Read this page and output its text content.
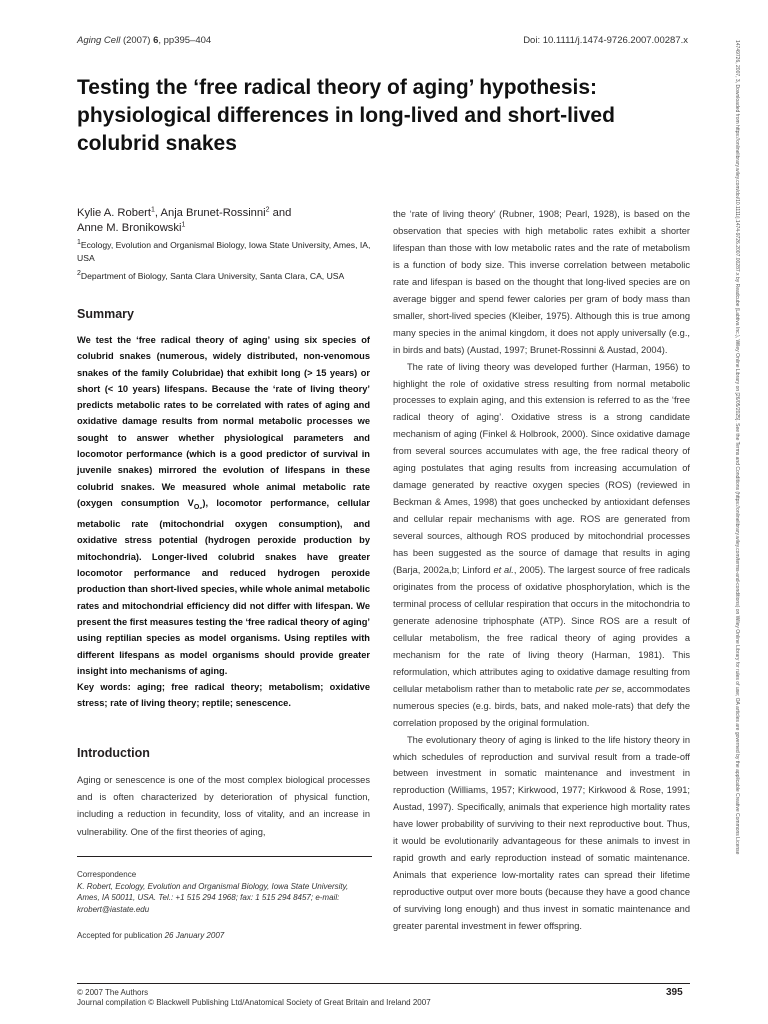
Aging Cell (2007) 6, pp395–404	Doi: 10.1111/j.1474-9726.2007.00287.x
Testing the ‘free radical theory of aging’ hypothesis: physiological differences in long-lived and short-lived colubrid snakes
Kylie A. Robert$^1$, Anja Brunet-Rossinni$^2$ and
Anne M. Bronikowski$^1$
$^1$Ecology, Evolution and Organismal Biology, Iowa State University, Ames, IA, USA
$^2$Department of Biology, Santa Clara University, Santa Clara, CA, USA
Summary

We test the ‘free radical theory of aging’ using six species of colubrid snakes (numerous, widely distributed, non-venomous snakes of the family Colubridae) that exhibit long (> 15 years) or short (< 10 years) lifespans. Because the ‘rate of living theory’ predicts metabolic rates to be correlated with rates of aging and oxidative damage results from normal metabolic processes we sought to answer whether physiological parameters and locomotor performance (which is a good predictor of survival in juvenile snakes) mirrored the evolution of lifespans in these colubrid snakes. We measured whole animal metabolic rate (oxygen consumption $V_{O_2}$), locomotor performance, cellular metabolic rate (mitochondrial oxygen consumption), and oxidative stress potential (hydrogen peroxide production by mitochondria). Longer-lived colubrid snakes have greater locomotor performance and reduced hydrogen peroxide production than short-lived species, while whole animal metabolic rates and mitochondrial efficiency did not differ with lifespan. We present the first measures testing the ‘free radical theory of aging’ using reptilian species as model organisms. Using reptiles with different lifespans as model organisms should provide greater insight into mechanisms of aging.

Key words: aging; free radical theory; metabolism; oxidative stress; rate of living theory; reptile; senescence.

Introduction
Aging or senescence is one of the most complex biological processes and is often characterized by deterioration of physical function, including a reduction in fecundity, loss of vitality, and an increase in vulnerability. One of the first theories of aging,
Correspondence
K. Robert, Ecology, Evolution and Organismal Biology, Iowa State University, Ames, IA 50011, USA. Tel.: +1 515 294 1968; fax: 1 515 294 8457; e-mail: krobert@iastate.edu
Accepted for publication 26 January 2007

the ‘rate of living theory’ (Rubner, 1908; Pearl, 1928), is based on the observation that species with high metabolic rates exhibit a shorter lifespan than those with low metabolic rates and the rate of metabolism is a function of body size. This inverse correlation between metabolic rate and lifespan is based on the thought that long-lived species are on average bigger and spend fewer calories per gram of body mass than smaller, short-lived species (Kleiber, 1975). Although this is true among many species in the animal kingdom, it does not apply universally (e.g., in birds and bats) (Austad, 1997; Brunet-Rossinni & Austad, 2004).

The rate of living theory was developed further (Harman, 1956) to highlight the role of oxidative stress resulting from normal metabolic processes to explain aging, and this extension is referred to as the ‘free radical theory of aging’. Oxidative stress is a strong candidate mechanism of aging (Finkel & Holbrook, 2000). Since oxidative damage from several sources accumulates with age, the free radical theory of aging postulates that aging results from increasing accumulation of damage generated by reactive oxygen species (ROS) (reviewed in Beckman & Ames, 1998) that goes unchecked by antioxidant defenses and cellular repair mechanisms with age. ROS are generated from several sources, although ROS produced by mitochondrial processes has been suggested as the source of damage that results in aging (Barja, 2002a,b; Linford et al., 2005). The largest source of free radicals originates from the process of oxidative phosphorylation, which is the terminal process of cellular respiration that occurs in the mitochondria to generate adenosine triphosphate (ATP). Since ROS are a result of cellular metabolism, the free radical theory of aging provides a mechanism for the rate of living theory (Harman, 1981). This reformulation, which attributes aging to oxidative damage resulting from cellular metabolism rather than to metabolic rate per se, accommodates numerous species (e.g. birds, bats, and naked mole-rats) that defy the correlation proposed by the original formulation.

The evolutionary theory of aging is linked to the life history theory in which schedules of reproduction and survival result from a trade-off between investment in somatic maintenance and investment in reproduction (Williams, 1957; Kirkwood, 1977; Kirkwood & Rose, 1991; Austad, 1997). Specifically, animals that experience high mortality rates have lower probability of surviving to their next reproductive bout. Thus, it would be evolutionarily advantageous for these animals to invest in rapid growth and early reproduction instead of somatic maintenance. Animals that experience low-mortality rates can spread their lifetime reproductive output over more bouts (because they have a good chance of surviving long enough) and thus invest in somatic maintenance and greater parental investment in fewer offspring.

© 2007 The Authors
Journal compilation © Blackwell Publishing Ltd/Anatomical Society of Great Britain and Ireland 2007
395
14749726, 2007, 3, Downloaded from https://onlinelibrary.wiley.com/doi/10.1111/j.1474-9726.2007.00287.x by Readcube (Labtiva Inc.), Wiley Online Library on [26/05/2025]. See the Terms and Conditions (https://onlinelibrary.wiley.com/terms-and-conditions) on Wiley Online Library for rules of use; OA articles are governed by the applicable Creative Commons License
